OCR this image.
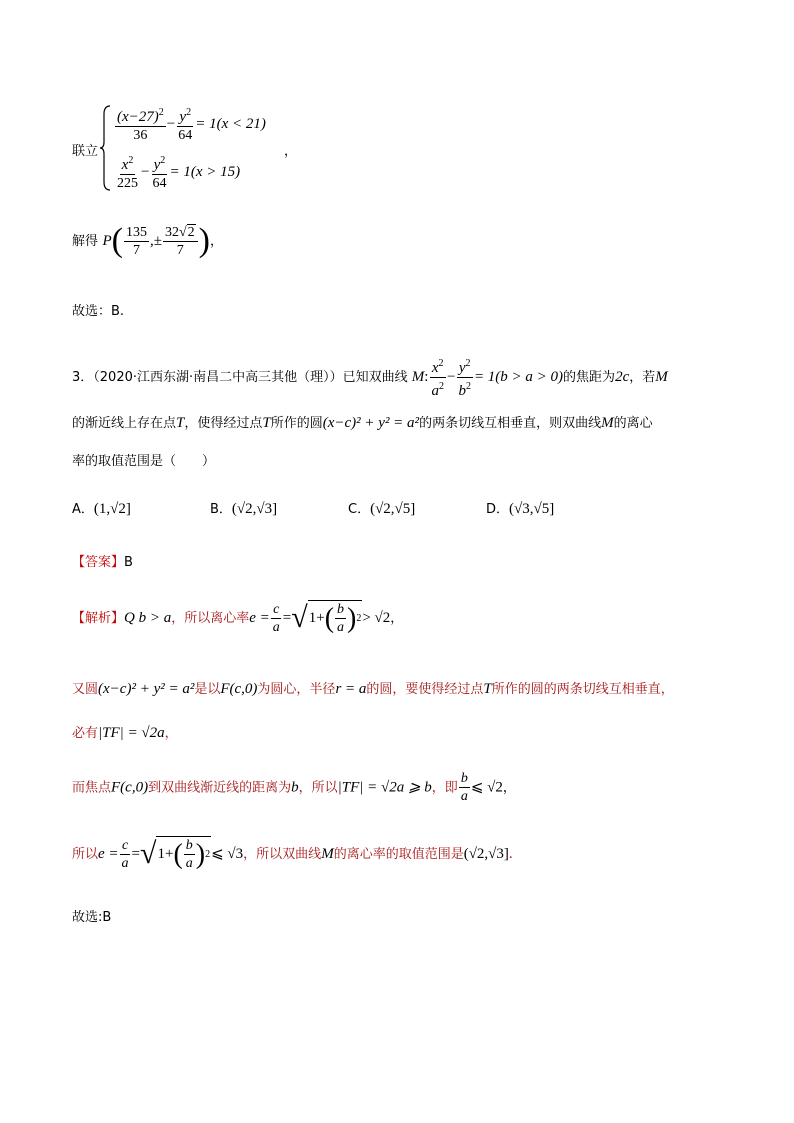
联立
$\frac{(x-27)^2}{36} - \frac{y^2}{64} = 1(x < 21)$
$\frac{x^2}{225} - \frac{y^2}{64} = 1(x > 15)$
，
解得 $P( \frac{135}{7}$ ,± $\frac{32√2}{7}$ )，
故选：B.
3．（2020·江西东湖·南昌二中高三其他（理））已知双曲线 M: $\frac{x^2}{a^2} - \frac{y^2}{b^2} = 1(b > a > 0)$的焦距为2c，若M
的渐近线上存在点T，使得经过点T所作的圆(x−c)² + y² = a²的两条切线互相垂直，则双曲线M的离心
率的取值范围是（　　）
A．(1,√2]	B．(√2,√3]	C．(√2,√5]	D．(√3,√5]
【答案】B
【解析】Q b > a，所以离心率$e = \frac{c}{a}$ =√ 1+ ( b
a ) 2 > √2，
又圆(x−c)² + y² = a²是以F(c,0)为圆心，半径r = a的圆，要使得经过点T所作的圆的两条切线互相垂直，
必有|TF| = √2a，
而焦点F(c,0)到双曲线渐近线的距离为b，所以|TF| = √2a ⩾ b，即 $\frac{b}{a}$ ⩽ √2，
所以$e = \frac{c}{a}$ =√ 1+ ( b
a ) 2 ⩽ √3，所以双曲线M的离心率的取值范围是(√2,√3].
故选:B
